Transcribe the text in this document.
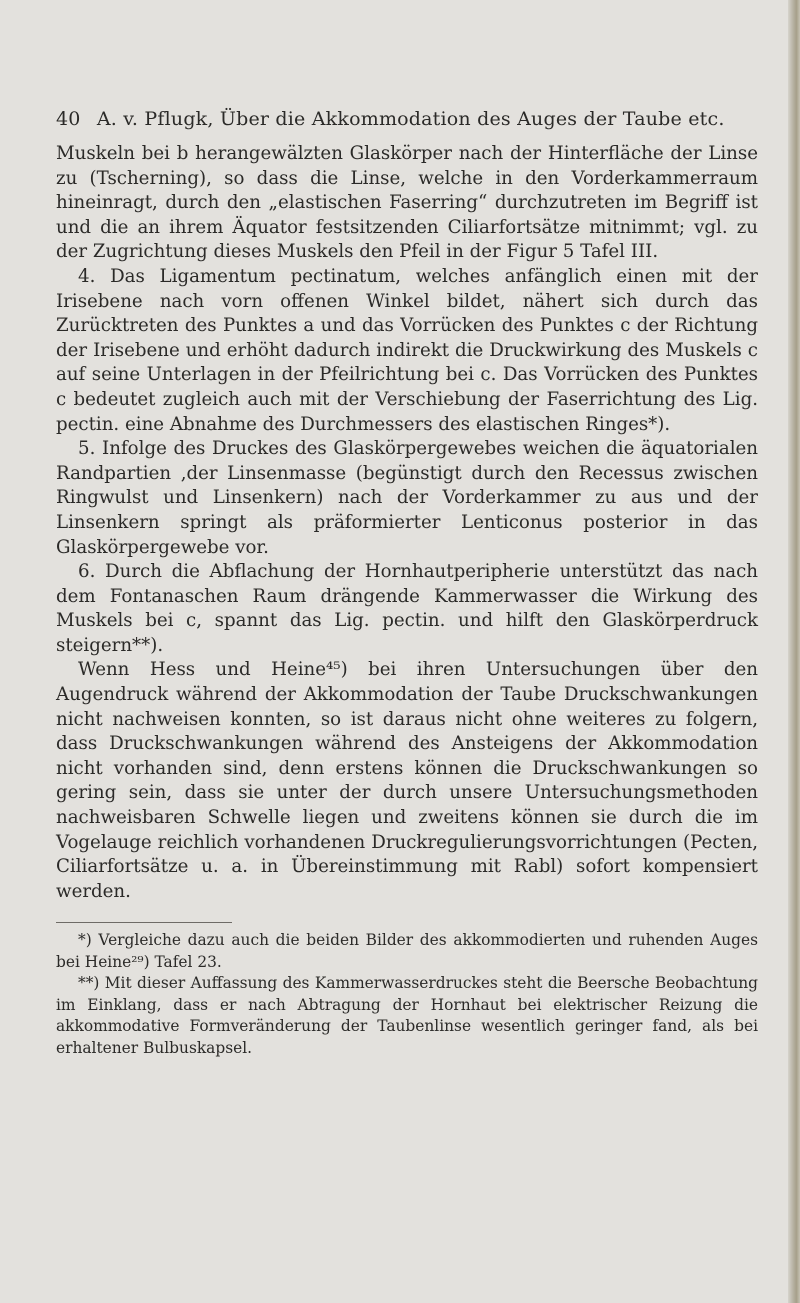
40 A. v. Pflugk, Über die Akkommodation des Auges der Taube etc.

Muskeln bei b herangewälzten Glaskörper nach der Hinterfläche der Linse zu (Tscherning), so dass die Linse, welche in den Vorderkammerraum hineinragt, durch den „elastischen Faserring“ durchzutreten im Begriff ist und die an ihrem Äquator festsitzenden Ciliarfortsätze mitnimmt; vgl. zu der Zugrichtung dieses Muskels den Pfeil in der Figur 5 Tafel III.

4. Das Ligamentum pectinatum, welches anfänglich einen mit der Irisebene nach vorn offenen Winkel bildet, nähert sich durch das Zurücktreten des Punktes a und das Vorrücken des Punktes c der Richtung der Irisebene und erhöht dadurch indirekt die Druckwirkung des Muskels c auf seine Unterlagen in der Pfeilrichtung bei c. Das Vorrücken des Punktes c bedeutet zugleich auch mit der Verschiebung der Faserrichtung des Lig. pectin. eine Abnahme des Durchmessers des elastischen Ringes*).

5. Infolge des Druckes des Glaskörpergewebes weichen die äquatorialen Randpartien ,der Linsenmasse (begünstigt durch den Recessus zwischen Ringwulst und Linsenkern) nach der Vorderkammer zu aus und der Linsenkern springt als präformierter Lenticonus posterior in das Glaskörpergewebe vor.

6. Durch die Abflachung der Hornhautperipherie unterstützt das nach dem Fontanaschen Raum drängende Kammerwasser die Wirkung des Muskels bei c, spannt das Lig. pectin. und hilft den Glaskörperdruck steigern**).

Wenn Hess und Heine⁴⁵) bei ihren Untersuchungen über den Augendruck während der Akkommodation der Taube Druckschwankungen nicht nachweisen konnten, so ist daraus nicht ohne weiteres zu folgern, dass Druckschwankungen während des Ansteigens der Akkommodation nicht vorhanden sind, denn erstens können die Druckschwankungen so gering sein, dass sie unter der durch unsere Untersuchungsmethoden nachweisbaren Schwelle liegen und zweitens können sie durch die im Vogelauge reichlich vorhandenen Druckregulierungsvorrichtungen (Pecten, Ciliarfortsätze u. a. in Übereinstimmung mit Rabl) sofort kompensiert werden.

*) Vergleiche dazu auch die beiden Bilder des akkommodierten und ruhenden Auges bei Heine²⁹) Tafel 23.

**) Mit dieser Auffassung des Kammerwasserdruckes steht die Beersche Beobachtung im Einklang, dass er nach Abtragung der Hornhaut bei elektrischer Reizung die akkommodative Formveränderung der Taubenlinse wesentlich geringer fand, als bei erhaltener Bulbuskapsel.
